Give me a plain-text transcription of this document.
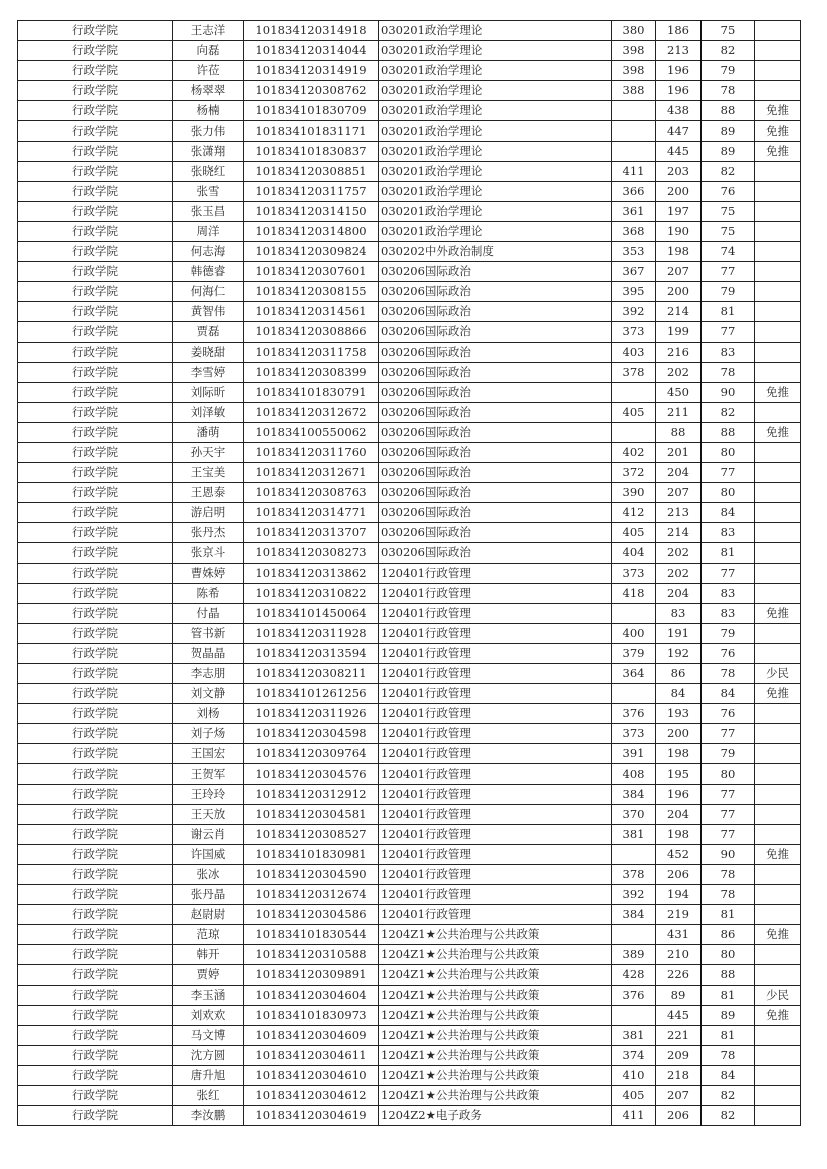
行政学院	王志洋	101834120314918	030201政治学理论	380	186	75	
行政学院	向磊	101834120314044	030201政治学理论	398	213	82	
行政学院	许莅	101834120314919	030201政治学理论	398	196	79	
行政学院	杨翠翠	101834120308762	030201政治学理论	388	196	78	
行政学院	杨楠	101834101830709	030201政治学理论		438	88	免推
行政学院	张力伟	101834101831171	030201政治学理论		447	89	免推
行政学院	张潇翔	101834101830837	030201政治学理论		445	89	免推
行政学院	张晓红	101834120308851	030201政治学理论	411	203	82	
行政学院	张雪	101834120311757	030201政治学理论	366	200	76	
行政学院	张玉昌	101834120314150	030201政治学理论	361	197	75	
行政学院	周洋	101834120314800	030201政治学理论	368	190	75	
行政学院	何志海	101834120309824	030202中外政治制度	353	198	74	
行政学院	韩德睿	101834120307601	030206国际政治	367	207	77	
行政学院	何海仁	101834120308155	030206国际政治	395	200	79	
行政学院	黄智伟	101834120314561	030206国际政治	392	214	81	
行政学院	贾磊	101834120308866	030206国际政治	373	199	77	
行政学院	姜晓甜	101834120311758	030206国际政治	403	216	83	
行政学院	李雪婷	101834120308399	030206国际政治	378	202	78	
行政学院	刘际昕	101834101830791	030206国际政治		450	90	免推
行政学院	刘泽敏	101834120312672	030206国际政治	405	211	82	
行政学院	潘萌	101834100550062	030206国际政治		88	88	免推
行政学院	孙天宇	101834120311760	030206国际政治	402	201	80	
行政学院	王宝美	101834120312671	030206国际政治	372	204	77	
行政学院	王恩泰	101834120308763	030206国际政治	390	207	80	
行政学院	游启明	101834120314771	030206国际政治	412	213	84	
行政学院	张丹杰	101834120313707	030206国际政治	405	214	83	
行政学院	张京斗	101834120308273	030206国际政治	404	202	81	
行政学院	曹姝婷	101834120313862	120401行政管理	373	202	77	
行政学院	陈希	101834120310822	120401行政管理	418	204	83	
行政学院	付晶	101834101450064	120401行政管理		83	83	免推
行政学院	管书新	101834120311928	120401行政管理	400	191	79	
行政学院	贺晶晶	101834120313594	120401行政管理	379	192	76	
行政学院	李志朋	101834120308211	120401行政管理	364	86	78	少民
行政学院	刘文静	101834101261256	120401行政管理		84	84	免推
行政学院	刘杨	101834120311926	120401行政管理	376	193	76	
行政学院	刘子炀	101834120304598	120401行政管理	373	200	77	
行政学院	王国宏	101834120309764	120401行政管理	391	198	79	
行政学院	王贺军	101834120304576	120401行政管理	408	195	80	
行政学院	王玲玲	101834120312912	120401行政管理	384	196	77	
行政学院	王天放	101834120304581	120401行政管理	370	204	77	
行政学院	谢云肖	101834120308527	120401行政管理	381	198	77	
行政学院	许国威	101834101830981	120401行政管理		452	90	免推
行政学院	张冰	101834120304590	120401行政管理	378	206	78	
行政学院	张丹晶	101834120312674	120401行政管理	392	194	78	
行政学院	赵尉尉	101834120304586	120401行政管理	384	219	81	
行政学院	范琼	101834101830544	1204Z1★公共治理与公共政策		431	86	免推
行政学院	韩开	101834120310588	1204Z1★公共治理与公共政策	389	210	80	
行政学院	贾婷	101834120309891	1204Z1★公共治理与公共政策	428	226	88	
行政学院	李玉涵	101834120304604	1204Z1★公共治理与公共政策	376	89	81	少民
行政学院	刘欢欢	101834101830973	1204Z1★公共治理与公共政策		445	89	免推
行政学院	马文博	101834120304609	1204Z1★公共治理与公共政策	381	221	81	
行政学院	沈方圆	101834120304611	1204Z1★公共治理与公共政策	374	209	78	
行政学院	唐升旭	101834120304610	1204Z1★公共治理与公共政策	410	218	84	
行政学院	张红	101834120304612	1204Z1★公共治理与公共政策	405	207	82	
行政学院	李汝鹏	101834120304619	1204Z2★电子政务	411	206	82	
